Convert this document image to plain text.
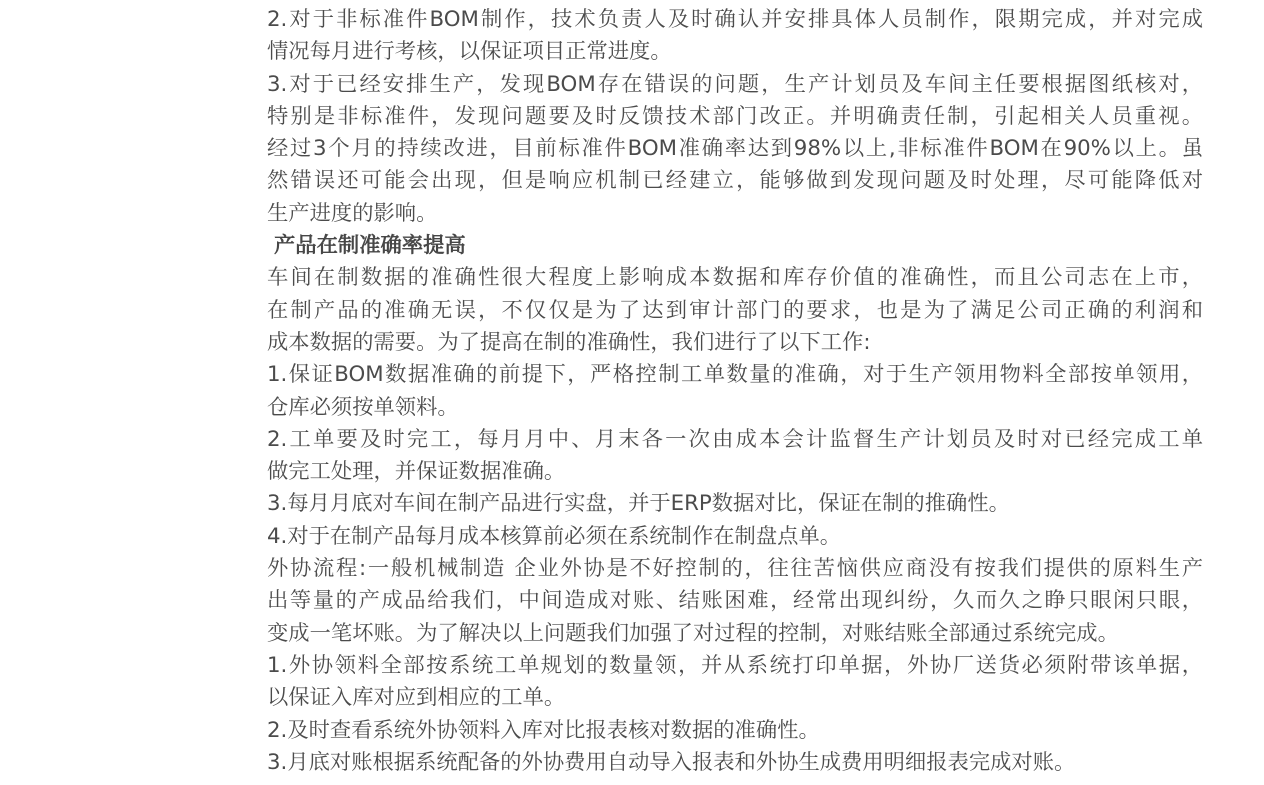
2.对于非标准件BOM制作，技术负责人及时确认并安排具体人员制作，限期完成，并对完成
情况每月进行考核，以保证项目正常进度。
3.对于已经安排生产，发现BOM存在错误的问题，生产计划员及车间主任要根据图纸核对，
特别是非标准件，发现问题要及时反馈技术部门改正。并明确责任制，引起相关人员重视。
经过3个月的持续改进，目前标准件BOM准确率达到98%以上,非标准件BOM在90%以上。虽
然错误还可能会出现，但是响应机制已经建立，能够做到发现问题及时处理，尽可能降低对
生产进度的影响。
产品在制准确率提高
车间在制数据的准确性很大程度上影响成本数据和库存价值的准确性，而且公司志在上市，
在制产品的准确无误，不仅仅是为了达到审计部门的要求，也是为了满足公司正确的利润和
成本数据的需要。为了提高在制的准确性，我们进行了以下工作:
1.保证BOM数据准确的前提下，严格控制工单数量的准确，对于生产领用物料全部按单领用，
仓库必须按单领料。
2.工单要及时完工，每月月中、月末各一次由成本会计监督生产计划员及时对已经完成工单
做完工处理，并保证数据准确。
3.每月月底对车间在制产品进行实盘，并于ERP数据对比，保证在制的推确性。
4.对于在制产品每月成本核算前必须在系统制作在制盘点单。
外协流程:一般机械制造 企业外协是不好控制的，往往苦恼供应商没有按我们提供的原料生产
出等量的产成品给我们，中间造成对账、结账困难，经常出现纠纷，久而久之睁只眼闲只眼，
变成一笔坏账。为了解决以上问题我们加强了对过程的控制，对账结账全部通过系统完成。
1.外协领料全部按系统工单规划的数量领，并从系统打印单据，外协厂送货必须附带该单据，
以保证入库对应到相应的工单。
2.及时查看系统外协领料入库对比报表核对数据的准确性。
3.月底对账根据系统配备的外协费用自动导入报表和外协生成费用明细报表完成对账。
